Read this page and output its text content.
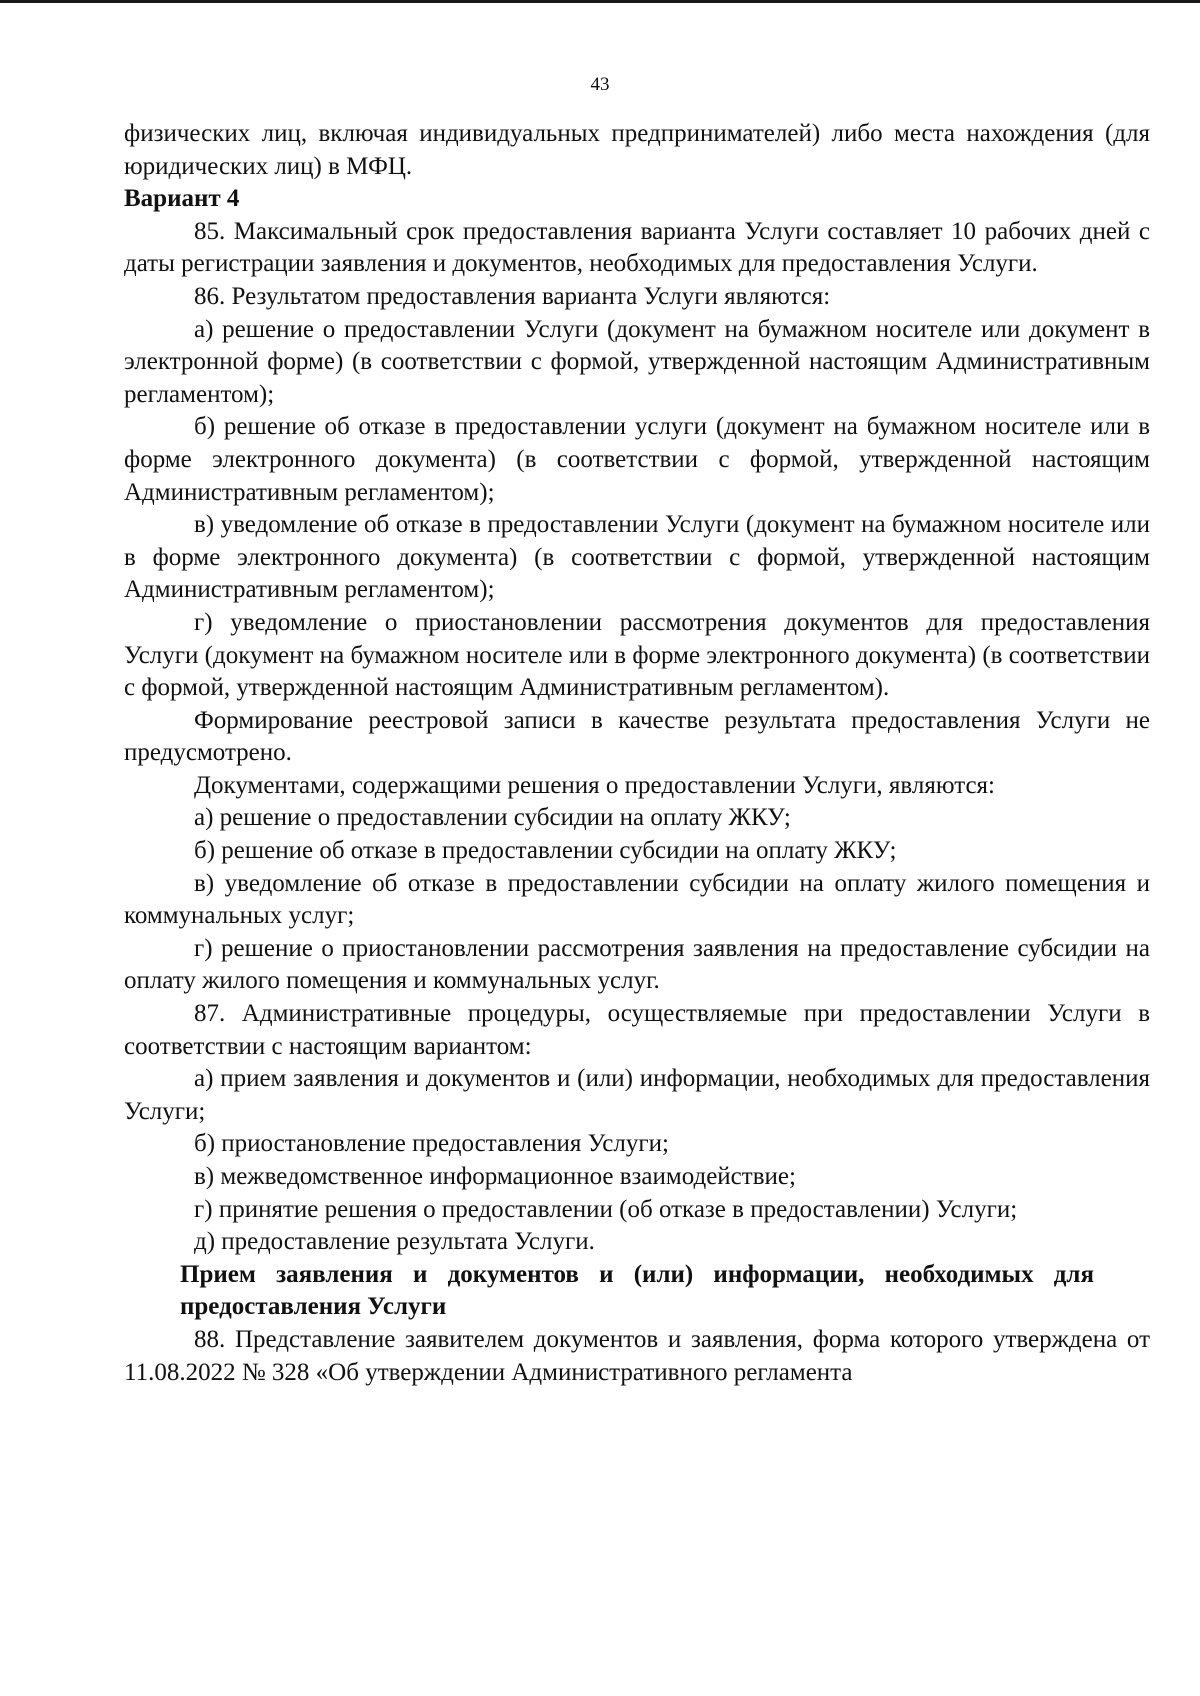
43

физических лиц, включая индивидуальных предпринимателей) либо места нахождения (для юридических лиц) в МФЦ.

Вариант 4

85. Максимальный срок предоставления варианта Услуги составляет 10 рабочих дней с даты регистрации заявления и документов, необходимых для предоставления Услуги.

86. Результатом предоставления варианта Услуги являются:

а) решение о предоставлении Услуги (документ на бумажном носителе или документ в электронной форме) (в соответствии с формой, утвержденной настоящим Административным регламентом);

б) решение об отказе в предоставлении услуги (документ на бумажном носителе или в форме электронного документа) (в соответствии с формой, утвержденной настоящим Административным регламентом);

в) уведомление об отказе в предоставлении Услуги (документ на бумажном носителе или в форме электронного документа) (в соответствии с формой, утвержденной настоящим Административным регламентом);

г) уведомление о приостановлении рассмотрения документов для предоставления Услуги (документ на бумажном носителе или в форме электронного документа) (в соответствии с формой, утвержденной настоящим Административным регламентом).

Формирование реестровой записи в качестве результата предоставления Услуги не предусмотрено.

Документами, содержащими решения о предоставлении Услуги, являются:

а) решение о предоставлении субсидии на оплату ЖКУ;

б) решение об отказе в предоставлении субсидии на оплату ЖКУ;

в) уведомление об отказе в предоставлении субсидии на оплату жилого помещения и коммунальных услуг;

г) решение о приостановлении рассмотрения заявления на предоставление субсидии на оплату жилого помещения и коммунальных услуг.

87. Административные процедуры, осуществляемые при предоставлении Услуги в соответствии с настоящим вариантом:

а) прием заявления и документов и (или) информации, необходимых для предоставления Услуги;

б) приостановление предоставления Услуги;

в) межведомственное информационное взаимодействие;

г) принятие решения о предоставлении (об отказе в предоставлении) Услуги;

д) предоставление результата Услуги.

Прием заявления и документов и (или) информации, необходимых для предоставления Услуги

88. Представление заявителем документов и заявления, форма которого утверждена от 11.08.2022 № 328 «Об утверждении Административного регламента
